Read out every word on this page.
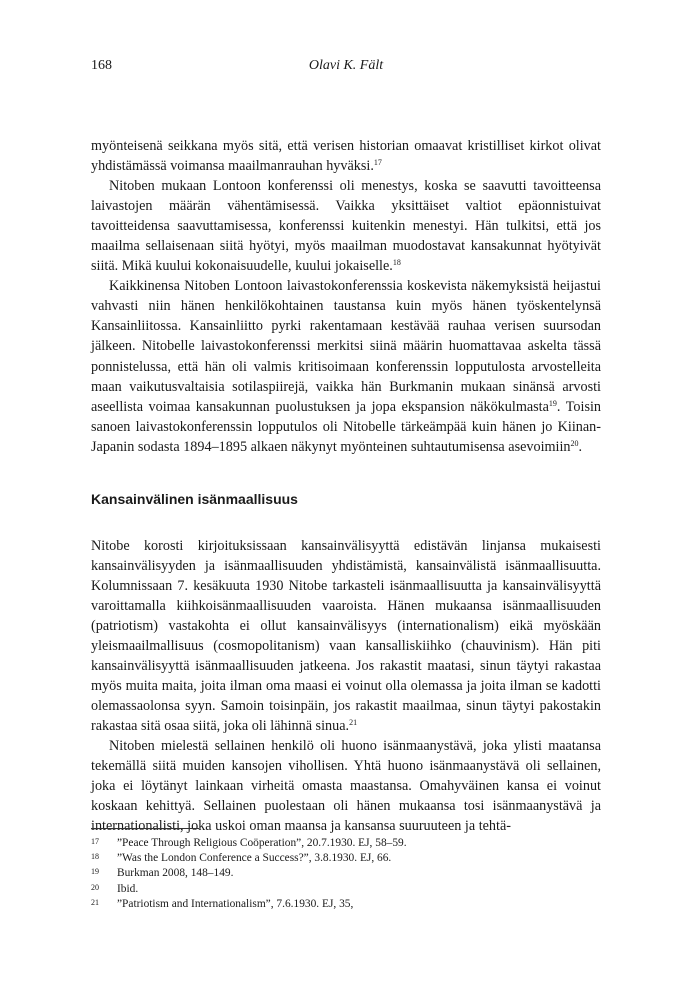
168	Olavi K. Fält

myönteisenä seikkana myös sitä, että verisen historian omaavat kristilliset kirkot olivat yhdistämässä voimansa maailmanrauhan hyväksi.$^{17}$

Nitoben mukaan Lontoon konferenssi oli menestys, koska se saavutti tavoitteensa laivastojen määrän vähentämisessä. Vaikka yksittäiset valtiot epäonnistuivat tavoitteidensa saavuttamisessa, konferenssi kuitenkin menestyi. Hän tulkitsi, että jos maailma sellaisenaan siitä hyötyi, myös maailman muodostavat kansakunnat hyötyivät siitä. Mikä kuului kokonaisuudelle, kuului jokaiselle.$^{18}$

Kaikkinensa Nitoben Lontoon laivastokonferenssia koskevista näkemyksistä heijastui vahvasti niin hänen henkilökohtainen taustansa kuin myös hänen työskentelynsä Kansainliitossa. Kansainliitto pyrki rakentamaan kestävää rauhaa verisen suursodan jälkeen. Nitobelle laivastokonferenssi merkitsi siinä määrin huomattavaa askelta tässä ponnistelussa, että hän oli valmis kritisoimaan konferenssin lopputulosta arvostelleita maan vaikutusvaltaisia sotilaspiirejä, vaikka hän Burkmanin mukaan sinänsä arvosti aseellista voimaa kansakunnan puolustuksen ja jopa ekspansion näkökulmasta$^{19}$. Toisin sanoen laivastokonferenssin lopputulos oli Nitobelle tärkeämpää kuin hänen jo Kiinan-Japanin sodasta 1894–1895 alkaen näkynyt myönteinen suhtautumisensa asevoimiin$^{20}$.

Kansainvälinen isänmaallisuus

Nitobe korosti kirjoituksissaan kansainvälisyyttä edistävän linjansa mukaisesti kansainvälisyyden ja isänmaallisuuden yhdistämistä, kansainvälistä isänmaallisuutta. Kolumnissaan 7. kesäkuuta 1930 Nitobe tarkasteli isänmaallisuutta ja kansainvälisyyttä varoittamalla kiihkoisänmaallisuuden vaaroista. Hänen mukaansa isänmaallisuuden (patriotism) vastakohta ei ollut kansainvälisyys (internationalism) eikä myöskään yleismaailmallisuus (cosmopolitanism) vaan kansalliskiihko (chauvinism). Hän piti kansainvälisyyttä isänmaallisuuden jatkeena. Jos rakastit maatasi, sinun täytyi rakastaa myös muita maita, joita ilman oma maasi ei voinut olla olemassa ja joita ilman se kadotti olemassaolonsa syyn. Samoin toisinpäin, jos rakastit maailmaa, sinun täytyi pakostakin rakastaa sitä osaa siitä, joka oli lähinnä sinua.$^{21}$

Nitoben mielestä sellainen henkilö oli huono isänmaanystävä, joka ylisti maatansa tekemällä siitä muiden kansojen vihollisen. Yhtä huono isänmaanystävä oli sellainen, joka ei löytänyt lainkaan virheitä omasta maastansa. Omahyväinen kansa ei voinut koskaan kehittyä. Sellainen puolestaan oli hänen mukaansa tosi isänmaanystävä ja internationalisti, joka uskoi oman maansa ja kansansa suuruuteen ja tehtä-

17	”Peace Through Religious Coöperation”, 20.7.1930. EJ, 58–59.
18	”Was the London Conference a Success?”, 3.8.1930. EJ, 66.
19	Burkman 2008, 148–149.
20	Ibid.
21	”Patriotism and Internationalism”, 7.6.1930. EJ, 35,
